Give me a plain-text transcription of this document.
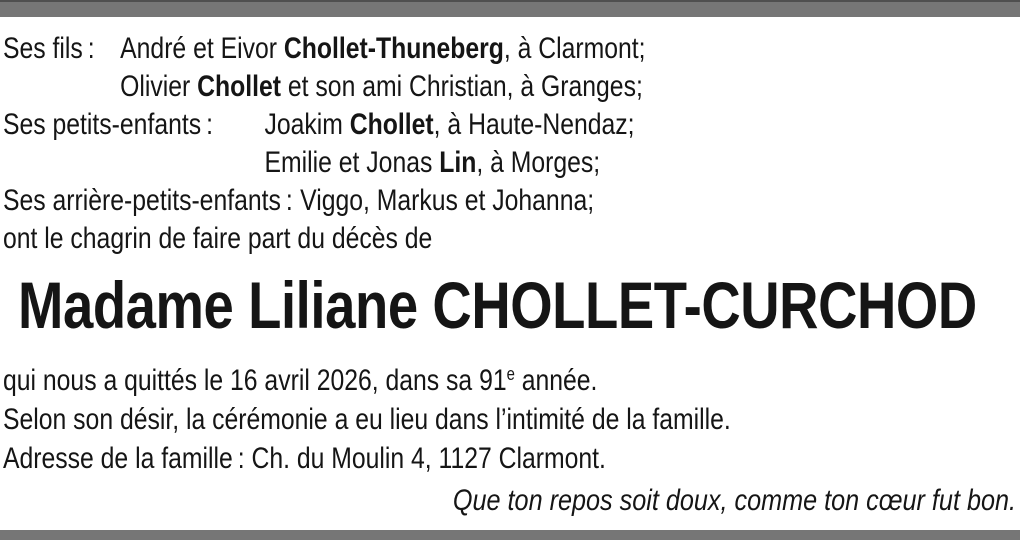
Ses fils : André et Eivor Chollet-Thuneberg, à Clarmont;
Olivier Chollet et son ami Christian, à Granges;
Ses petits-enfants :	Joakim Chollet, à Haute-Nendaz;
Emilie et Jonas Lin, à Morges;
Ses arrière-petits-enfants : Viggo, Markus et Johanna;
ont le chagrin de faire part du décès de
Madame Liliane CHOLLET-CURCHOD
qui nous a quittés le 16 avril 2026, dans sa 91e année.
Selon son désir, la cérémonie a eu lieu dans l’intimité de la famille.
Adresse de la famille : Ch. du Moulin 4, 1127 Clarmont.
Que ton repos soit doux, comme ton cœur fut bon.
